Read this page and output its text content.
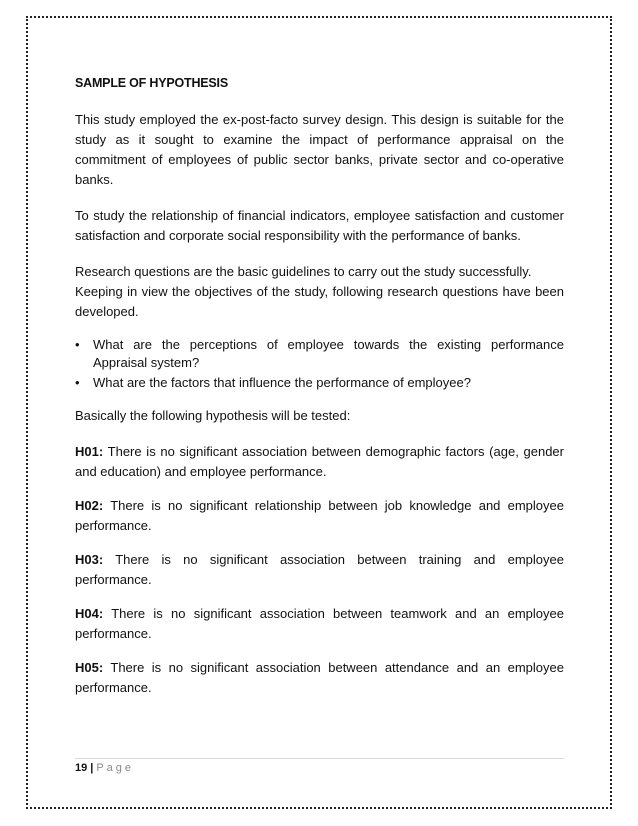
SAMPLE OF HYPOTHESIS

This study employed the ex-post-facto survey design. This design is suitable for the study as it sought to examine the impact of performance appraisal on the commitment of employees of public sector banks, private sector and co-operative banks.

To study the relationship of financial indicators, employee satisfaction and customer satisfaction and corporate social responsibility with the performance of banks.

Research questions are the basic guidelines to carry out the study successfully.

Keeping in view the objectives of the study, following research questions have been developed.

• What are the perceptions of employee towards the existing performance Appraisal system?
• What are the factors that influence the performance of employee?

Basically the following hypothesis will be tested:

H01: There is no significant association between demographic factors (age, gender and education) and employee performance.

H02: There is no significant relationship between job knowledge and employee performance.

H03: There is no significant association between training and employee performance.

H04: There is no significant association between teamwork and an employee performance.

H05: There is no significant association between attendance and an employee performance.

19 | Page
